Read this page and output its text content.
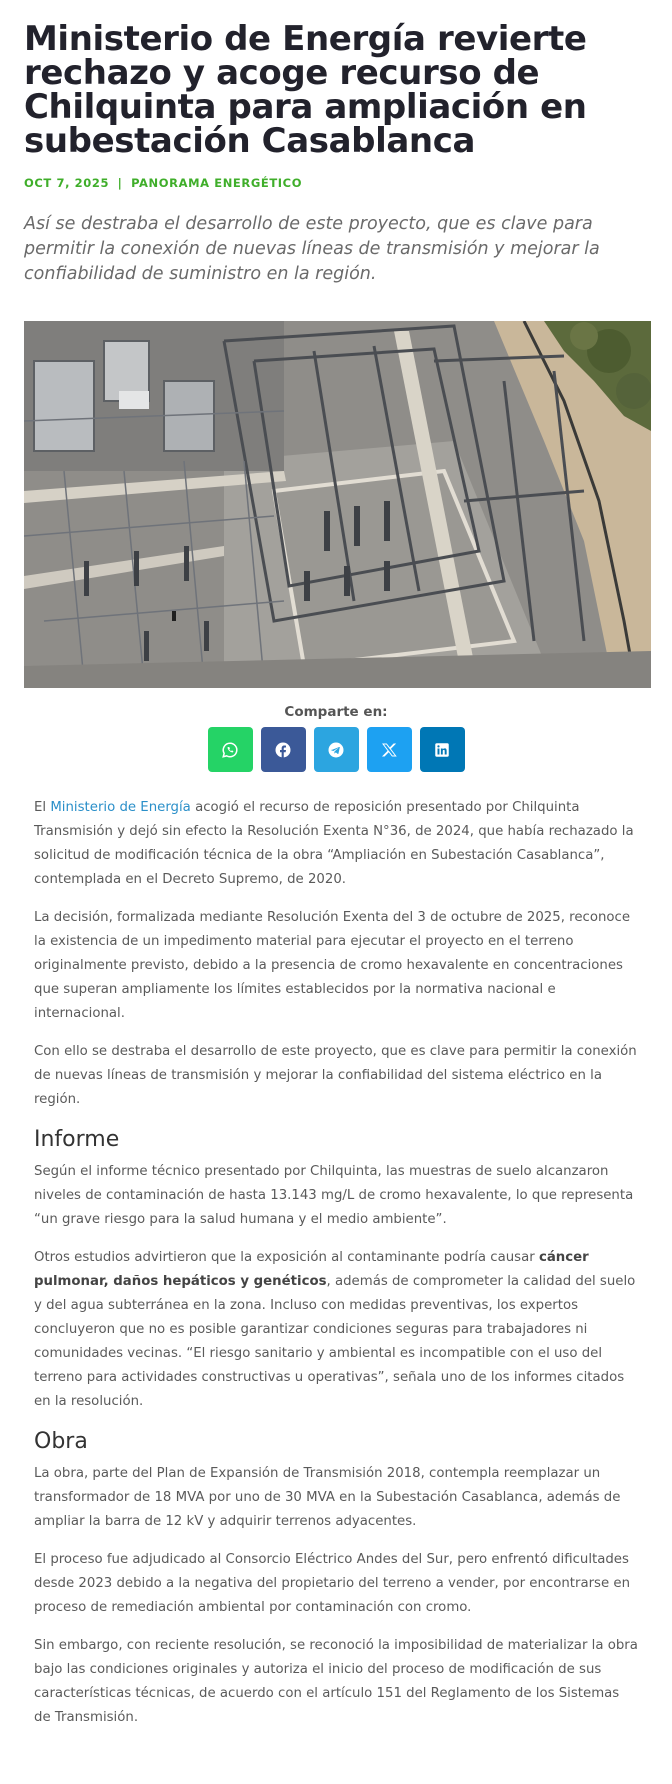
Ministerio de Energía revierte rechazo y acoge recurso de Chilquinta para ampliación en subestación Casablanca
OCT 7, 2025 | PANORAMA ENERGÉTICO

Así se destraba el desarrollo de este proyecto, que es clave para permitir la conexión de nuevas líneas de transmisión y mejorar la confiabilidad de suministro en la región.

Comparte en:

El Ministerio de Energía acogió el recurso de reposición presentado por Chilquinta Transmisión y dejó sin efecto la Resolución Exenta N°36, de 2024, que había rechazado la solicitud de modificación técnica de la obra “Ampliación en Subestación Casablanca”, contemplada en el Decreto Supremo, de 2020.

La decisión, formalizada mediante Resolución Exenta del 3 de octubre de 2025, reconoce la existencia de un impedimento material para ejecutar el proyecto en el terreno originalmente previsto, debido a la presencia de cromo hexavalente en concentraciones que superan ampliamente los límites establecidos por la normativa nacional e internacional.

Con ello se destraba el desarrollo de este proyecto, que es clave para permitir la conexión de nuevas líneas de transmisión y mejorar la confiabilidad del sistema eléctrico en la región.

Informe

Según el informe técnico presentado por Chilquinta, las muestras de suelo alcanzaron niveles de contaminación de hasta 13.143 mg/L de cromo hexavalente, lo que representa “un grave riesgo para la salud humana y el medio ambiente”.

Otros estudios advirtieron que la exposición al contaminante podría causar cáncer pulmonar, daños hepáticos y genéticos, además de comprometer la calidad del suelo y del agua subterránea en la zona. Incluso con medidas preventivas, los expertos concluyeron que no es posible garantizar condiciones seguras para trabajadores ni comunidades vecinas. “El riesgo sanitario y ambiental es incompatible con el uso del terreno para actividades constructivas u operativas”, señala uno de los informes citados en la resolución.

Obra

La obra, parte del Plan de Expansión de Transmisión 2018, contempla reemplazar un transformador de 18 MVA por uno de 30 MVA en la Subestación Casablanca, además de ampliar la barra de 12 kV y adquirir terrenos adyacentes.

El proceso fue adjudicado al Consorcio Eléctrico Andes del Sur, pero enfrentó dificultades desde 2023 debido a la negativa del propietario del terreno a vender, por encontrarse en proceso de remediación ambiental por contaminación con cromo.

Sin embargo, con reciente resolución, se reconoció la imposibilidad de materializar la obra bajo las condiciones originales y autoriza el inicio del proceso de modificación de sus características técnicas, de acuerdo con el artículo 151 del Reglamento de los Sistemas de Transmisión.
